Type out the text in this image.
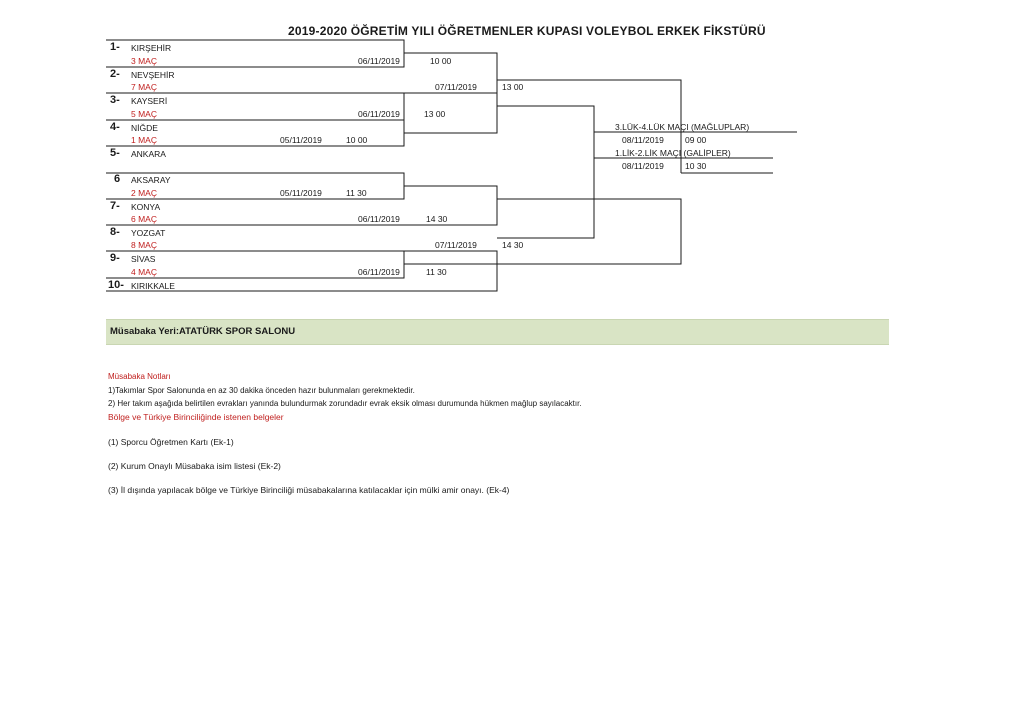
2019-2020 ÖĞRETİM YILI ÖĞRETMENLER KUPASI VOLEYBOL ERKEK FİKSTÜRÜ
1- KIRŞEHİR
2- NEVŞEHİR
3- KAYSERİ
4- NİĞDE
5- ANKARA
6 AKSARAY
7- KONYA
8- YOZGAT
9- SİVAS
10- KIRIKKALE
3 MAÇ
7 MAÇ
5 MAÇ
1 MAÇ
2 MAÇ
6 MAÇ
8 MAÇ
4 MAÇ
06/11/2019	10 00
07/11/2019	13 00
06/11/2019	13 00
05/11/2019	10 00
05/11/2019	11 30
06/11/2019	14 30
07/11/2019	14 30
06/11/2019	11 30
3.LÜK-4.LÜK MAÇI (MAĞLUPLAR)
08/11/2019 09 00
1.LİK-2.LİK MAÇI (GALİPLER)
08/11/2019 10 30
Müsabaka Yeri:ATATÜRK SPOR SALONU
Müsabaka Notları
1)Takımlar Spor Salonunda en az 30 dakika önceden hazır bulunmaları gerekmektedir.
2) Her takım aşağıda belirtilen evrakları yanında bulundurmak zorundadır evrak eksik olması durumunda hükmen mağlup sayılacaktır.
Bölge ve Türkiye Birinciliğinde istenen belgeler
(1) Sporcu Öğretmen Kartı (Ek-1)
(2) Kurum Onaylı Müsabaka isim listesi (Ek-2)
(3) İl dışında yapılacak bölge ve Türkiye Birinciliği müsabakalarına katılacaklar için mülki amir onayı. (Ek-4)
